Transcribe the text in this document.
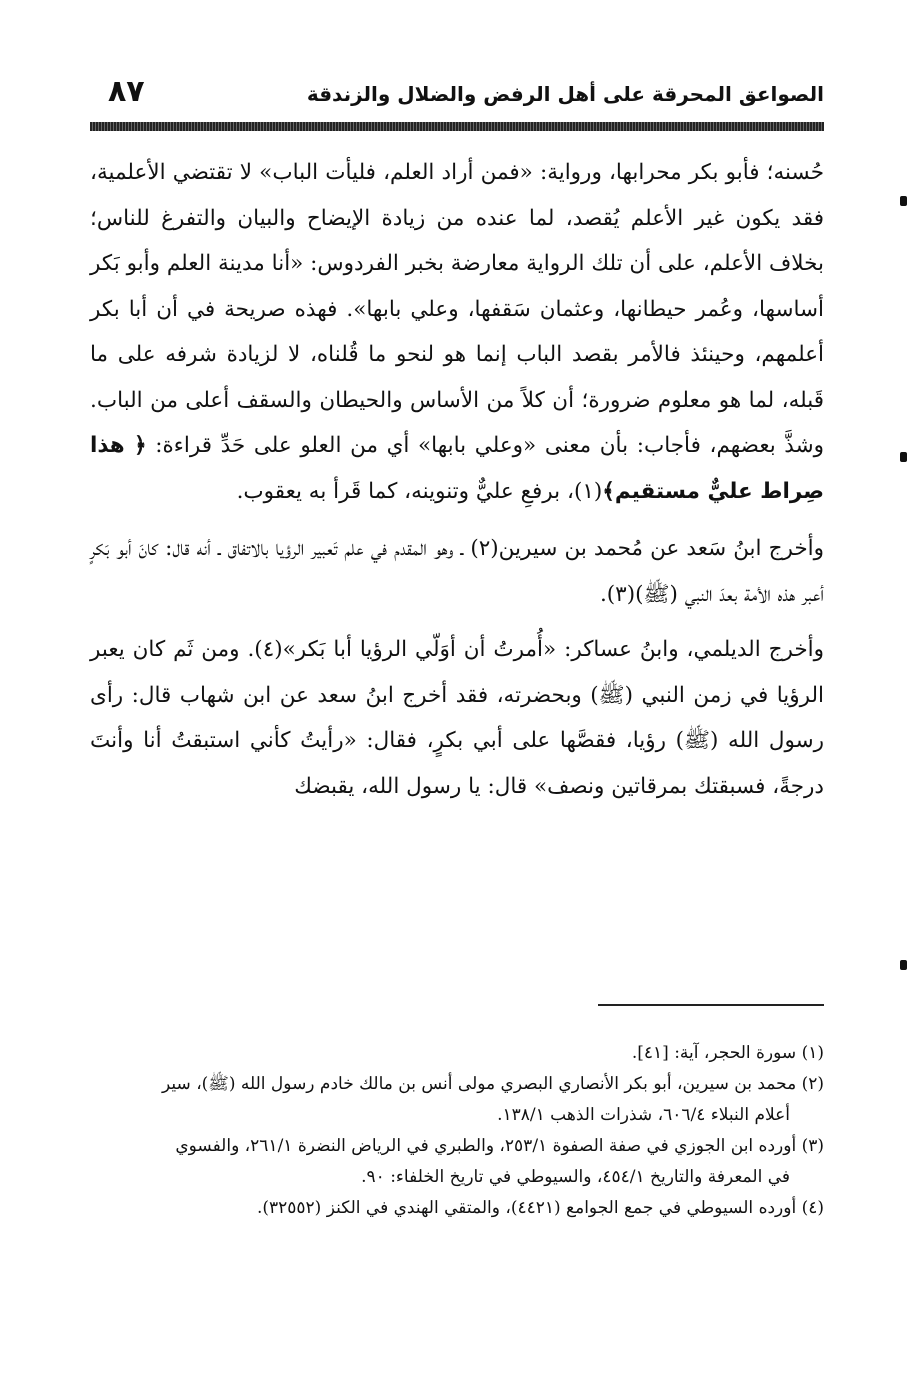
الصواعق المحرقة على أهل الرفض والضلال والزندقة
٨٧

حُسنه؛ فأبو بكر محرابها، ورواية: «فمن أراد العلم، فليأت الباب» لا تقتضي الأعلمية، فقد يكون غير الأعلم يُقصد، لما عنده من زيادة الإيضاح والبيان والتفرغ للناس؛ بخلاف الأعلم، على أن تلك الرواية معارضة بخبر الفردوس: «أنا مدينة العلم وأبو بَكر أساسها، وعُمر حيطانها، وعثمان سَقفها، وعلي بابها». فهذه صريحة في أن أبا بكر أعلمهم، وحينئذ فالأمر بقصد الباب إنما هو لنحو ما قُلناه، لا لزيادة شرفه على ما قَبله، لما هو معلوم ضرورة؛ أن كلاً من الأساس والحيطان والسقف أعلى من الباب. وشذَّ بعضهم، فأجاب: بأن معنى «وعلي بابها» أي من العلو على حَدِّ قراءة: ﴿ هذا صِراط عليٌّ مستقيم﴾(١)، برفعِ عليٌّ وتنوينه، كما قَرأ به يعقوب.

وأخرج ابنُ سَعد عن مُحمد بن سيرين(٢) ـ وهو المقدم في علم تَعبير الرؤيا بالاتفاق ـ أنه قال: كانَ أبو بَكرٍ أعبر هذه الأمة بعدَ النبي (ﷺ)(٣).

وأخرج الديلمي، وابنُ عساكر: «أُمرتُ أن أوَلّي الرؤيا أبا بَكر»(٤). ومن ثَم كان يعبر الرؤيا في زمن النبي (ﷺ) وبحضرته، فقد أخرج ابنُ سعد عن ابن شهاب قال: رأى رسول الله (ﷺ) رؤيا، فقصَّها على أبي بكرٍ، فقال: «رأيتُ كأني استبقتُ أنا وأنتَ درجةً، فسبقتك بمرقاتين ونصف» قال: يا رسول الله، يقبضك

(١) سورة الحجر، آية: [٤١].

(٢) محمد بن سيرين، أبو بكر الأنصاري البصري مولى أنس بن مالك خادم رسول الله (ﷺ)، سير

أعلام النبلاء ٦٠٦/٤، شذرات الذهب ١٣٨/١.

(٣) أورده ابن الجوزي في صفة الصفوة ٢٥٣/١، والطبري في الرياض النضرة ٢٦١/١، والفسوي

في المعرفة والتاريخ ٤٥٤/١، والسيوطي في تاريخ الخلفاء: ٩٠.

(٤) أورده السيوطي في جمع الجوامع (٤٤٢١)، والمتقي الهندي في الكنز (٣٢٥٥٢).
